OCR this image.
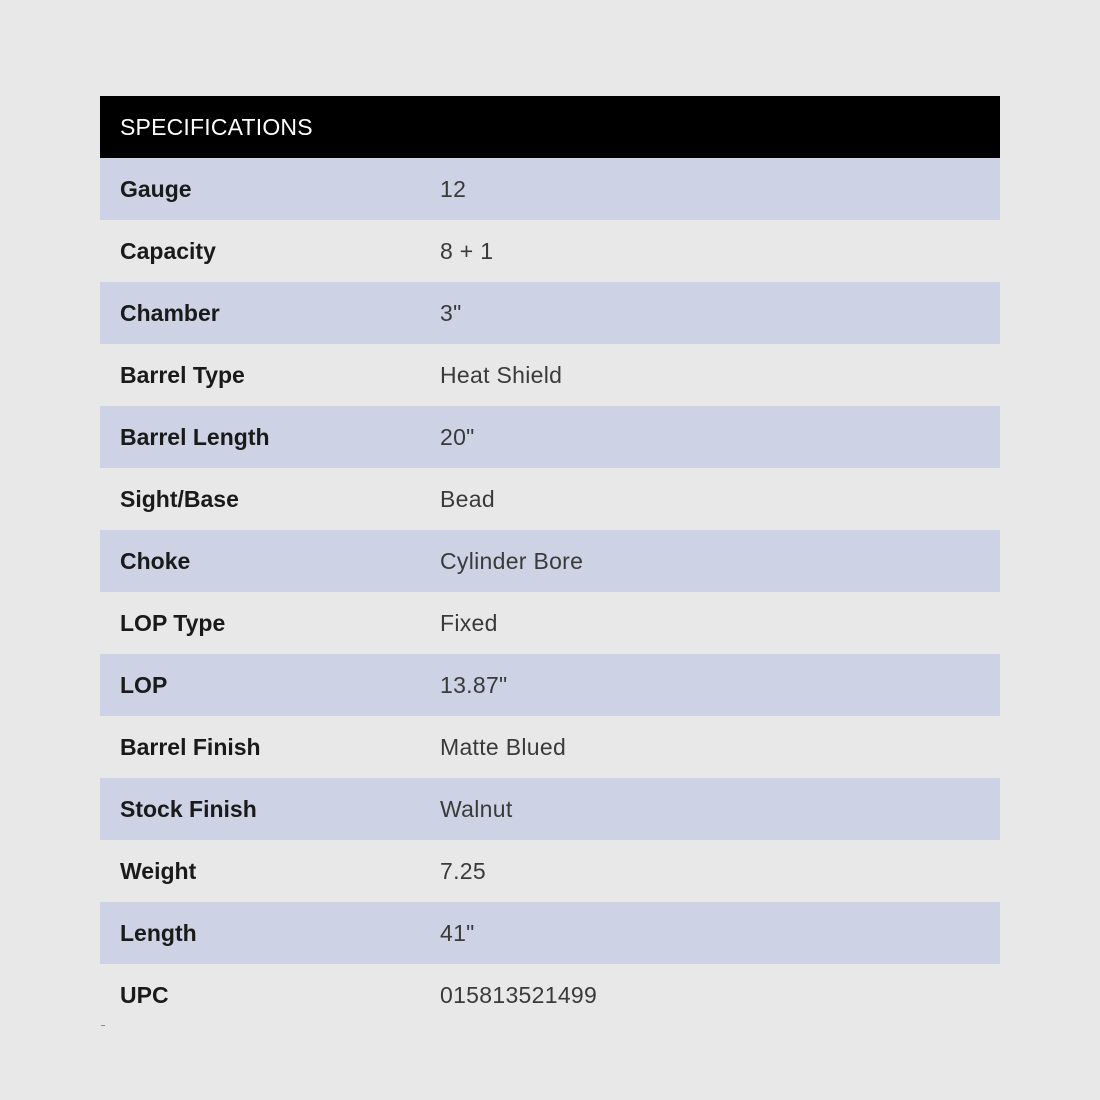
SPECIFICATIONS
Gauge	12
Capacity	8 + 1
Chamber	3"
Barrel Type	Heat Shield
Barrel Length	20"
Sight/Base	Bead
Choke	Cylinder Bore
LOP Type	Fixed
LOP	13.87"
Barrel Finish	Matte Blued
Stock Finish	Walnut
Weight	7.25
Length	41"
UPC	015813521499
